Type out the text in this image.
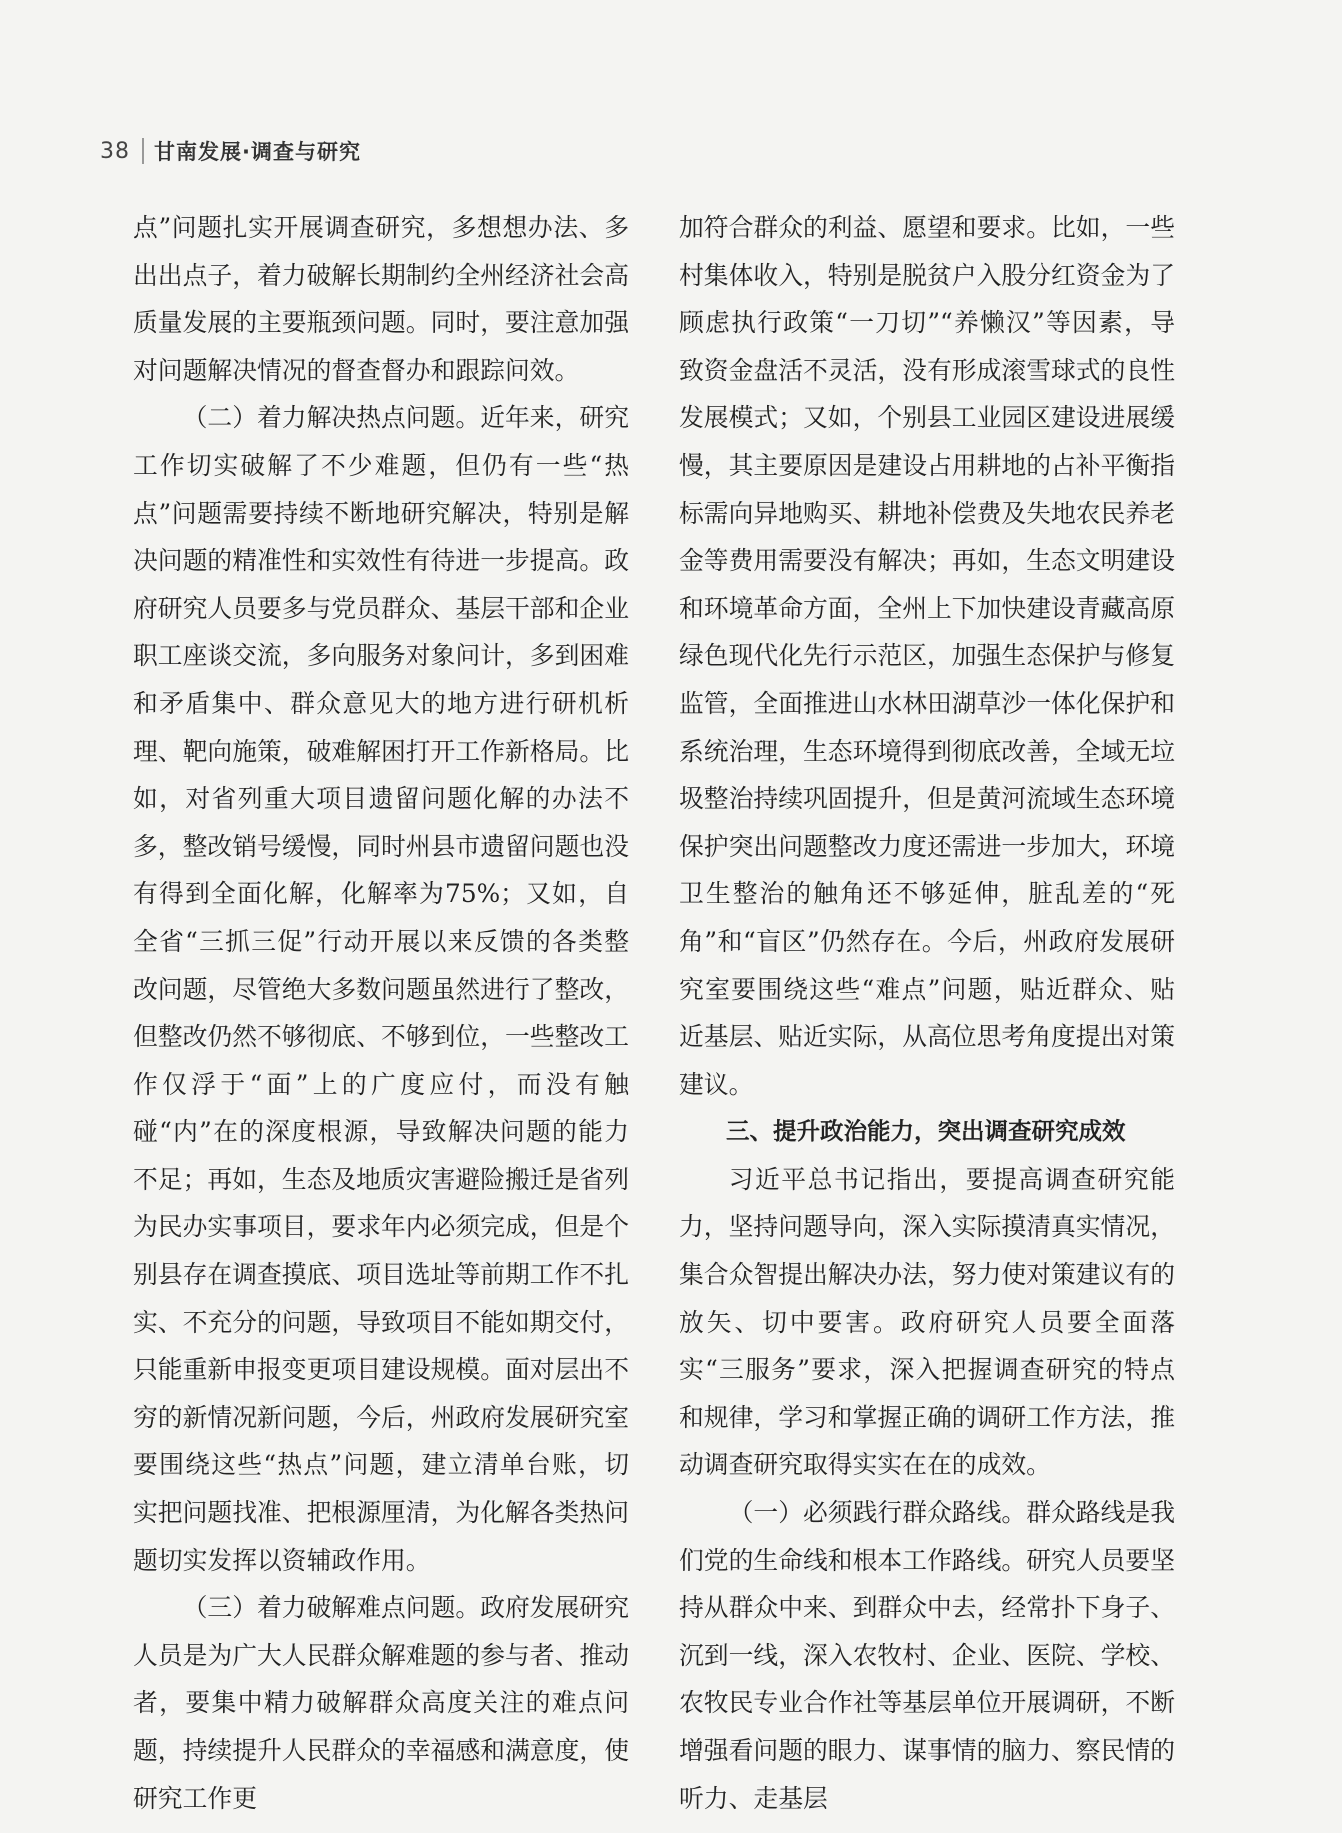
38 甘南发展·调查与研究

点”问题扎实开展调查研究，多想想办法、多出出点子，着力破解长期制约全州经济社会高质量发展的主要瓶颈问题。同时，要注意加强对问题解决情况的督查督办和跟踪问效。

（二）着力解决热点问题。近年来，研究工作切实破解了不少难题，但仍有一些“热点”问题需要持续不断地研究解决，特别是解决问题的精准性和实效性有待进一步提高。政府研究人员要多与党员群众、基层干部和企业职工座谈交流，多向服务对象问计，多到困难和矛盾集中、群众意见大的地方进行研机析理、靶向施策，破难解困打开工作新格局。比如，对省列重大项目遗留问题化解的办法不多，整改销号缓慢，同时州县市遗留问题也没有得到全面化解，化解率为75%；又如，自全省“三抓三促”行动开展以来反馈的各类整改问题，尽管绝大多数问题虽然进行了整改，但整改仍然不够彻底、不够到位，一些整改工作仅浮于“面”上的广度应付，而没有触碰“内”在的深度根源，导致解决问题的能力不足；再如，生态及地质灾害避险搬迁是省列为民办实事项目，要求年内必须完成，但是个别县存在调查摸底、项目选址等前期工作不扎实、不充分的问题，导致项目不能如期交付，只能重新申报变更项目建设规模。面对层出不穷的新情况新问题，今后，州政府发展研究室要围绕这些“热点”问题，建立清单台账，切实把问题找准、把根源厘清，为化解各类热问题切实发挥以资辅政作用。

（三）着力破解难点问题。政府发展研究人员是为广大人民群众解难题的参与者、推动者，要集中精力破解群众高度关注的难点问题，持续提升人民群众的幸福感和满意度，使研究工作更

加符合群众的利益、愿望和要求。比如，一些村集体收入，特别是脱贫户入股分红资金为了顾虑执行政策“一刀切”“养懒汉”等因素，导致资金盘活不灵活，没有形成滚雪球式的良性发展模式；又如，个别县工业园区建设进展缓慢，其主要原因是建设占用耕地的占补平衡指标需向异地购买、耕地补偿费及失地农民养老金等费用需要没有解决；再如，生态文明建设和环境革命方面，全州上下加快建设青藏高原绿色现代化先行示范区，加强生态保护与修复监管，全面推进山水林田湖草沙一体化保护和系统治理，生态环境得到彻底改善，全域无垃圾整治持续巩固提升，但是黄河流域生态环境保护突出问题整改力度还需进一步加大，环境卫生整治的触角还不够延伸，脏乱差的“死角”和“盲区”仍然存在。今后，州政府发展研究室要围绕这些“难点”问题，贴近群众、贴近基层、贴近实际，从高位思考角度提出对策建议。

三、提升政治能力，突出调查研究成效

习近平总书记指出，要提高调查研究能力，坚持问题导向，深入实际摸清真实情况，集合众智提出解决办法，努力使对策建议有的放矢、切中要害。政府研究人员要全面落实“三服务”要求，深入把握调查研究的特点和规律，学习和掌握正确的调研工作方法，推动调查研究取得实实在在的成效。

（一）必须践行群众路线。群众路线是我们党的生命线和根本工作路线。研究人员要坚持从群众中来、到群众中去，经常扑下身子、沉到一线，深入农牧村、企业、医院、学校、农牧民专业合作社等基层单位开展调研，不断增强看问题的眼力、谋事情的脑力、察民情的听力、走基层
